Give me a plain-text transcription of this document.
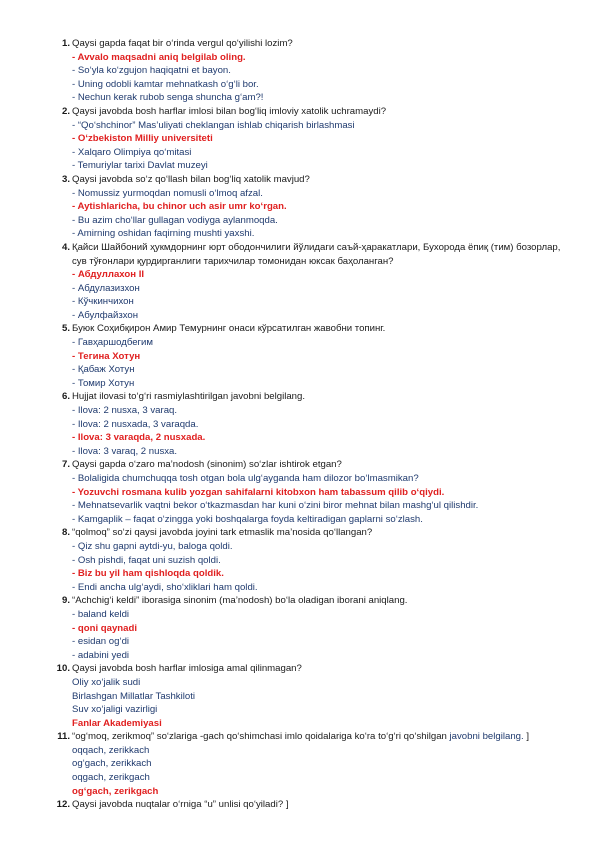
1. Qaysi gapda faqat bir o‘rinda vergul qo‘yilishi lozim?
- Avvalo maqsadni aniq belgilab oling.
- So‘yla ko‘zgujon haqiqatni et bayon.
- Uning odobli kamtar mehnatkash o‘g‘li bor.
- Nechun kerak rubob senga shuncha g‘am?!
2. Qaysi javobda bosh harflar imlosi bilan bog‘liq imloviy xatolik uchramaydi?
- “Qo‘shchinor” Mas’uliyati cheklangan ishlab chiqarish birlashmasi
- O‘zbekiston Milliy universiteti
- Xalqaro Olimpiya qo‘mitasi
- Temuriylar tarixi Davlat muzeyi
3. Qaysi javobda so‘z qo‘llash bilan bog‘liq xatolik mavjud?
- Nomussiz yurmoqdan nomusli o‘lmoq afzal.
- Aytishlaricha, bu chinor uch asir umr ko‘rgan.
- Bu azim cho‘llar gullagan vodiyga aylanmoqda.
- Amirning oshidan faqirning mushti yaxshi.
4. Қайси Шайбоний ҳукмдорнинг юрт ободончилиги йўлидаги саъй-ҳаракатлари, Бухорода ёпиқ (тим) бозорлар, сув тўғонлари қурдирганлиги тарихчилар томонидан юксак баҳоланган?
- Абдуллахон II
- Абдулазизхон
- Кўчкинчихон
- Абулфайзхон
5. Буюк Соҳибқирон Амир Темурнинг онаси кўрсатилган жавобни топинг.
- Гавҳаршодбегим
- Тегина Хотун
- Қабаж Хотун
- Томир Хотун
6. Hujjat ilovasi to‘g‘ri rasmiylashtirilgan javobni belgilang.
- Ilova: 2 nusxa, 3 varaq.
- Ilova: 2 nusxada, 3 varaqda.
- Ilova: 3 varaqda, 2 nusxada.
- Ilova: 3 varaq, 2 nusxa.
7. Qaysi gapda o‘zaro ma’nodosh (sinonim) so‘zlar ishtirok etgan?
- Bolaligida chumchuqqa tosh otgan bola ulg‘ayganda ham dilozor bo‘lmasmikan?
- Yozuvchi rosmana kulib yozgan sahifalarni kitobxon ham tabassum qilib o‘qiydi.
- Mehnatsevarlik vaqtni bekor o‘tkazmasdan har kuni o‘zini biror mehnat bilan mashg‘ul qilishdir.
- Kamgaplik – faqat o‘zingga yoki boshqalarga foyda keltiradigan gaplarni so‘zlash.
8. “qolmoq” so‘zi qaysi javobda joyini tark etmaslik ma’nosida qo‘llangan?
- Qiz shu gapni aytdi-yu, baloga qoldi.
- Osh pishdi, faqat uni suzish qoldi.
- Biz bu yil ham qishloqda qoldik.
- Endi ancha ulg‘aydi, sho‘xliklari ham qoldi.
9. “Achchig‘i keldi” iborasiga sinonim (ma’nodosh) bo‘la oladigan iborani aniqlang.
- baland keldi
- qoni qaynadi
- esidan og‘di
- adabini yedi
10. Qaysi javobda bosh harflar imlosiga amal qilinmagan?
Oliy xo‘jalik sudi
Birlashgan Millatlar Tashkiloti
Suv xo‘jaligi vazirligi
Fanlar Akademiyasi
11. “og‘moq, zerikmoq” so‘zlariga -gach qo‘shimchasi imlo qoidalariga ko‘ra to‘g‘ri qo‘shilgan javobni belgilang. ]
oqqach, zerikkach
og‘gach, zerikkach
oqgach, zerikgach
og‘gach, zerikgach
12. Qaysi javobda nuqtalar o‘rniga “u” unlisi qo‘yiladi? ]
